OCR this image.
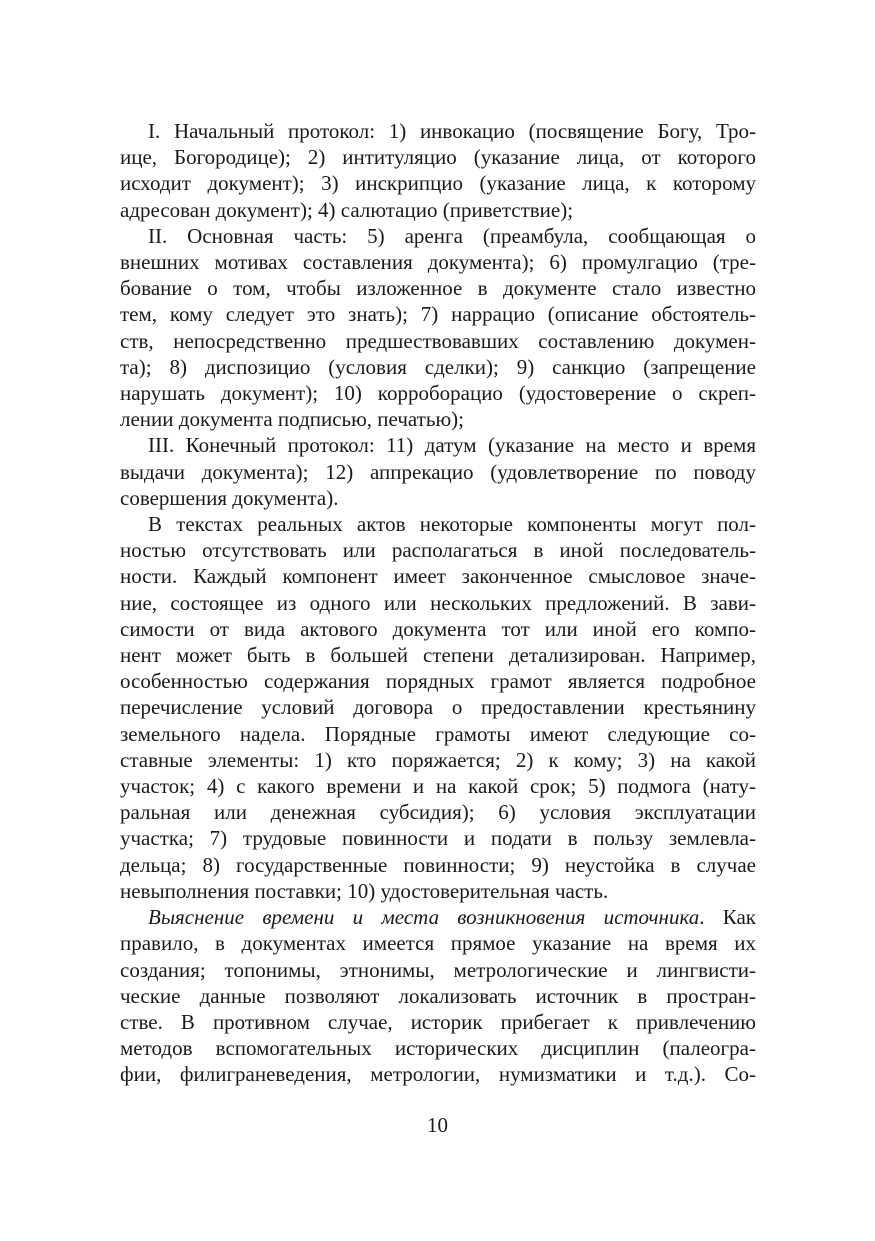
I. Начальный протокол: 1) инвокацио (посвящение Богу, Тро-
ице, Богородице); 2) интитуляцио (указание лица, от которого
исходит документ); 3) инскрипцио (указание лица, к которому
адресован документ); 4) салютацио (приветствие);
II. Основная часть: 5) аренга (преамбула, сообщающая о
внешних мотивах составления документа); 6) промулгацио (тре-
бование о том, чтобы изложенное в документе стало известно
тем, кому следует это знать); 7) наррацио (описание обстоятель-
ств, непосредственно предшествовавших составлению докумен-
та); 8) диспозицио (условия сделки); 9) санкцио (запрещение
нарушать документ); 10) корроборацио (удостоверение о скреп-
лении документа подписью, печатью);
III. Конечный протокол: 11) датум (указание на место и время
выдачи документа); 12) аппрекацио (удовлетворение по поводу
совершения документа).
В текстах реальных актов некоторые компоненты могут пол-
ностью отсутствовать или располагаться в иной последователь-
ности. Каждый компонент имеет законченное смысловое значе-
ние, состоящее из одного или нескольких предложений. В зави-
симости от вида актового документа тот или иной его компо-
нент может быть в большей степени детализирован. Например,
особенностью содержания порядных грамот является подробное
перечисление условий договора о предоставлении крестьянину
земельного надела. Порядные грамоты имеют следующие со-
ставные элементы: 1) кто поряжается; 2) к кому; 3) на какой
участок; 4) с какого времени и на какой срок; 5) подмога (нату-
ральная или денежная субсидия); 6) условия эксплуатации
участка; 7) трудовые повинности и подати в пользу землевла-
дельца; 8) государственные повинности; 9) неустойка в случае
невыполнения поставки; 10) удостоверительная часть.
Выяснение времени и места возникновения источника. Как
правило, в документах имеется прямое указание на время их
создания; топонимы, этнонимы, метрологические и лингвисти-
ческие данные позволяют локализовать источник в простран-
стве. В противном случае, историк прибегает к привлечению
методов вспомогательных исторических дисциплин (палеогра-
фии, филиграневедения, метрологии, нумизматики и т.д.). Со-
10
